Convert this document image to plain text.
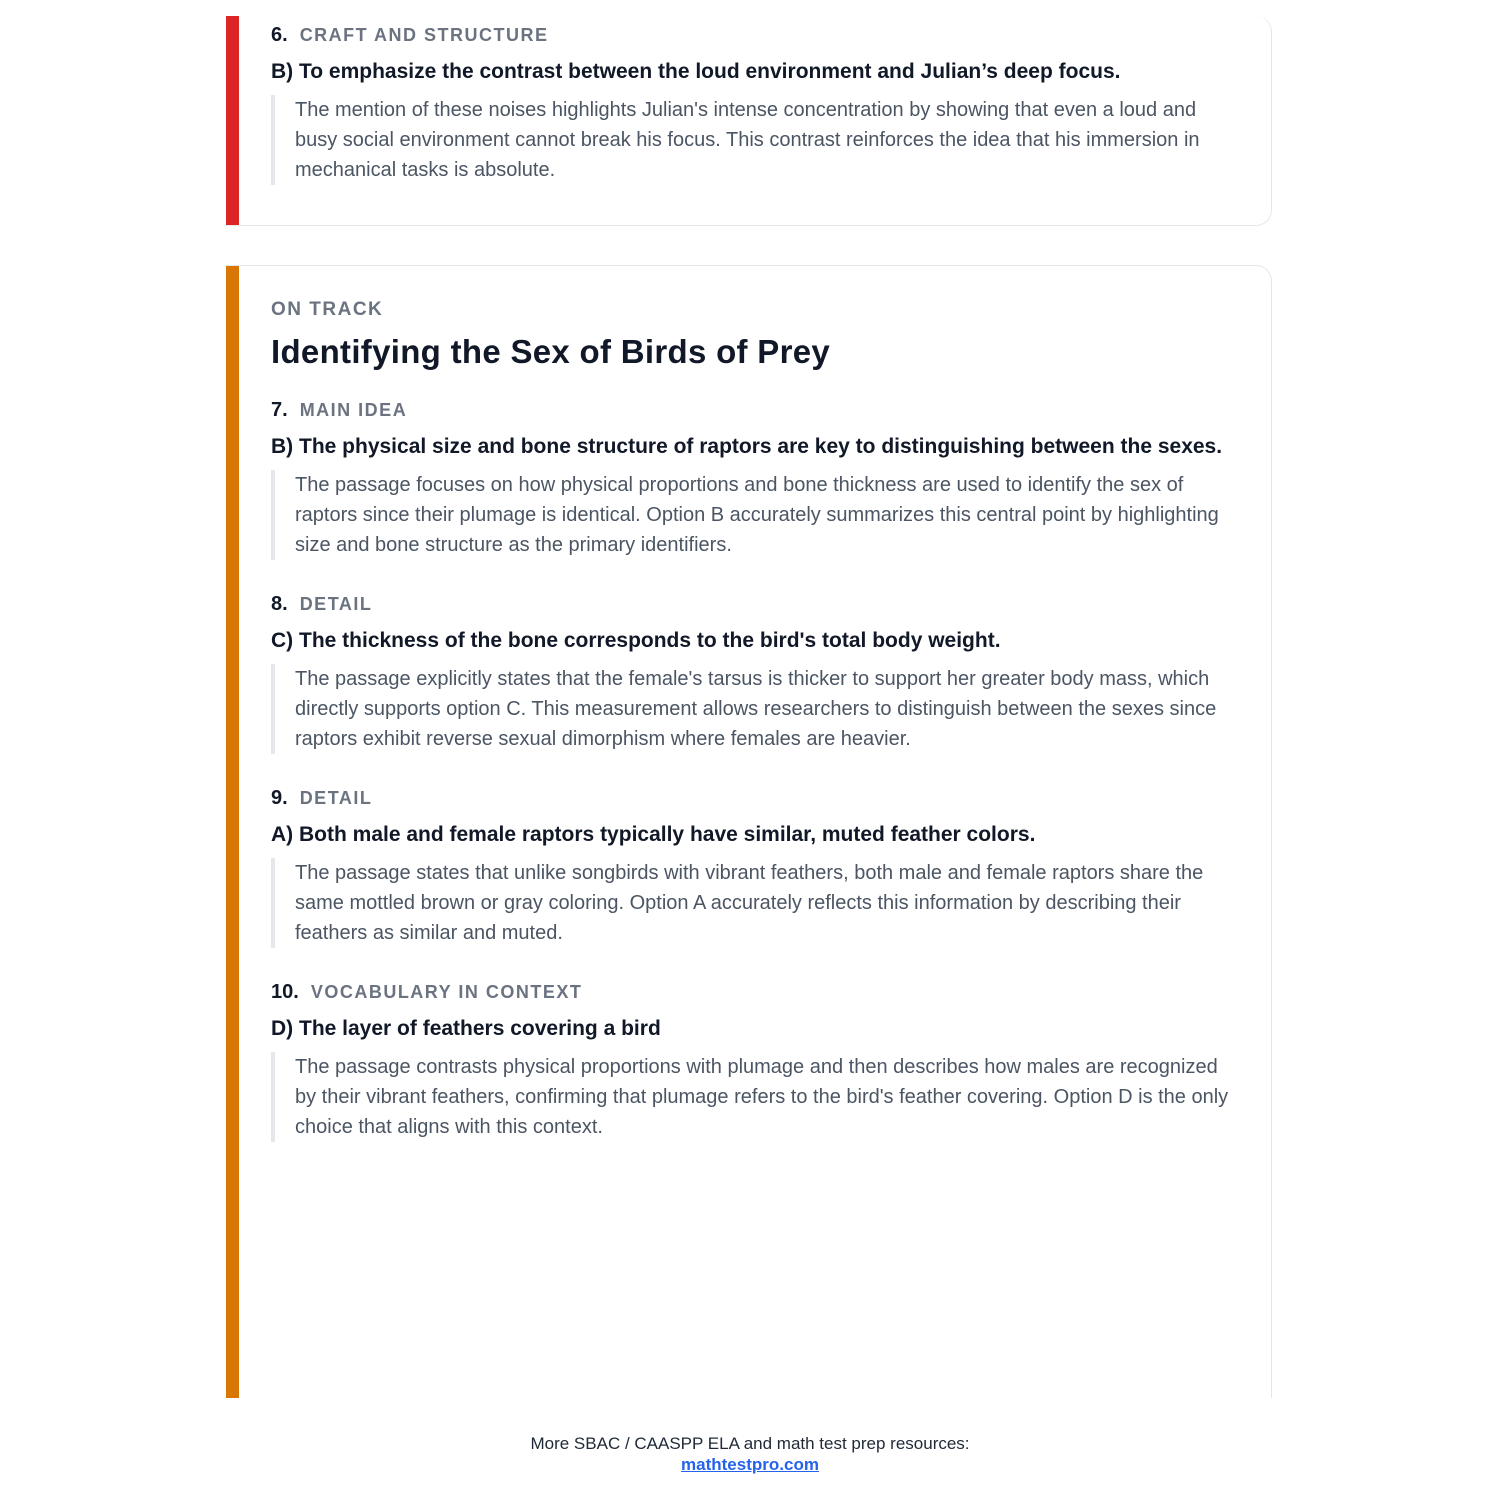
6. CRAFT AND STRUCTURE
B) To emphasize the contrast between the loud environment and Julian’s deep focus.
The mention of these noises highlights Julian's intense concentration by showing that even a loud and busy social environment cannot break his focus. This contrast reinforces the idea that his immersion in mechanical tasks is absolute.
ON TRACK
Identifying the Sex of Birds of Prey
7. MAIN IDEA
B) The physical size and bone structure of raptors are key to distinguishing between the sexes.
The passage focuses on how physical proportions and bone thickness are used to identify the sex of raptors since their plumage is identical. Option B accurately summarizes this central point by highlighting size and bone structure as the primary identifiers.
8. DETAIL
C) The thickness of the bone corresponds to the bird's total body weight.
The passage explicitly states that the female's tarsus is thicker to support her greater body mass, which directly supports option C. This measurement allows researchers to distinguish between the sexes since raptors exhibit reverse sexual dimorphism where females are heavier.
9. DETAIL
A) Both male and female raptors typically have similar, muted feather colors.
The passage states that unlike songbirds with vibrant feathers, both male and female raptors share the same mottled brown or gray coloring. Option A accurately reflects this information by describing their feathers as similar and muted.
10. VOCABULARY IN CONTEXT
D) The layer of feathers covering a bird
The passage contrasts physical proportions with plumage and then describes how males are recognized by their vibrant feathers, confirming that plumage refers to the bird's feather covering. Option D is the only choice that aligns with this context.
More SBAC / CAASPP ELA and math test prep resources:
mathtestpro.com
